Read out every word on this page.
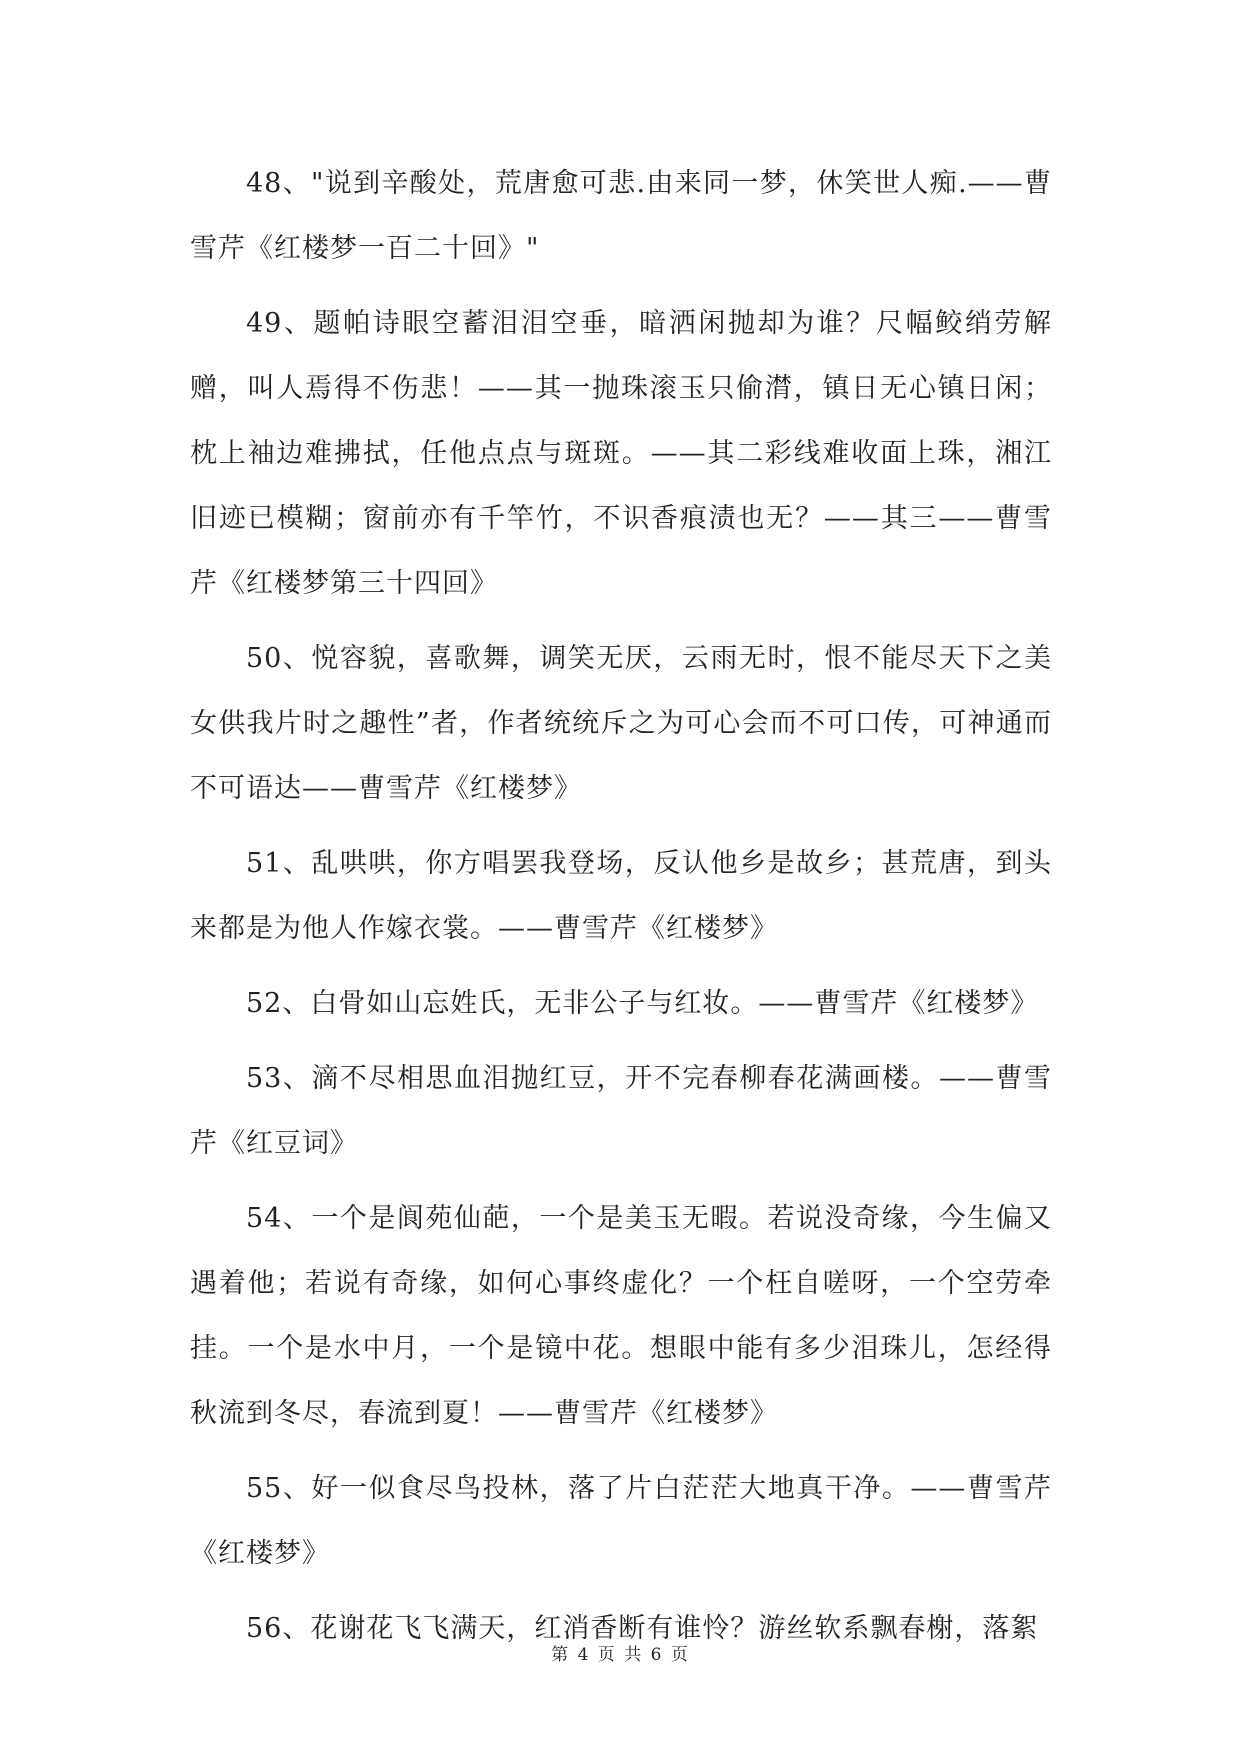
48、"说到辛酸处，荒唐愈可悲.由来同一梦，休笑世人痴.——曹雪芹《红楼梦一百二十回》"

49、题帕诗眼空蓄泪泪空垂，暗洒闲抛却为谁？尺幅鲛绡劳解赠，叫人焉得不伤悲！——其一抛珠滚玉只偷潸，镇日无心镇日闲；枕上袖边难拂拭，任他点点与斑斑。——其二彩线难收面上珠，湘江旧迹已模糊；窗前亦有千竿竹，不识香痕渍也无？——其三——曹雪芹《红楼梦第三十四回》

50、悦容貌，喜歌舞，调笑无厌，云雨无时，恨不能尽天下之美女供我片时之趣性”者，作者统统斥之为可心会而不可口传，可神通而不可语达——曹雪芹《红楼梦》

51、乱哄哄，你方唱罢我登场，反认他乡是故乡；甚荒唐，到头来都是为他人作嫁衣裳。——曹雪芹《红楼梦》

52、白骨如山忘姓氏，无非公子与红妆。——曹雪芹《红楼梦》

53、滴不尽相思血泪抛红豆，开不完春柳春花满画楼。——曹雪芹《红豆词》

54、一个是阆苑仙葩，一个是美玉无暇。若说没奇缘，今生偏又遇着他；若说有奇缘，如何心事终虚化？一个枉自嗟呀，一个空劳牵挂。一个是水中月，一个是镜中花。想眼中能有多少泪珠儿，怎经得秋流到冬尽，春流到夏！——曹雪芹《红楼梦》

55、好一似食尽鸟投林，落了片白茫茫大地真干净。——曹雪芹《红楼梦》

56、花谢花飞飞满天，红消香断有谁怜？游丝软系飘春榭，落絮

第 4 页 共 6 页
